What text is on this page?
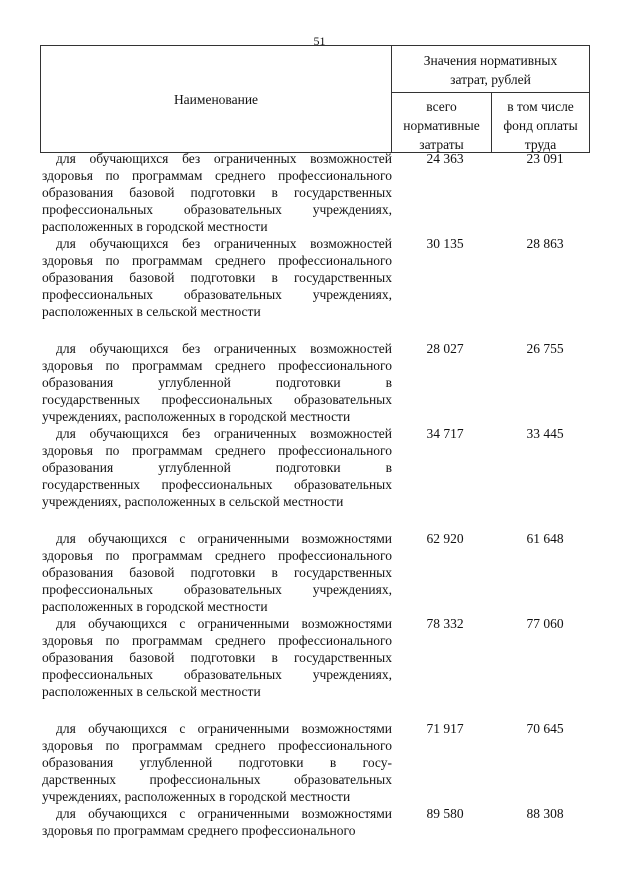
51
Наименование
Значения нормативных затрат, рублей
всего нормативные затраты
в том числе фонд оплаты труда
для обучающихся без ограниченных возможностей
здоровья по программам среднего профессионального
образования базовой подготовки в государственных
профессиональных образовательных учреждениях,
расположенных в городской местности
24 363	23 091
для обучающихся без ограниченных возможностей
здоровья по программам среднего профессионального
образования базовой подготовки в государственных
профессиональных образовательных учреждениях,
расположенных в сельской местности
30 135	28 863
для обучающихся без ограниченных возможностей
здоровья по программам среднего профессионального
образования углубленной подготовки в
государственных профессиональных образовательных
учреждениях, расположенных в городской местности
28 027	26 755
для обучающихся без ограниченных возможностей
здоровья по программам среднего профессионального
образования углубленной подготовки в
государственных профессиональных образовательных
учреждениях, расположенных в сельской местности
34 717	33 445
для обучающихся с ограниченными возможностями
здоровья по программам среднего профессионального
образования базовой подготовки в государственных
профессиональных образовательных учреждениях,
расположенных в городской местности
62 920	61 648
для обучающихся с ограниченными возможностями
здоровья по программам среднего профессионального
образования базовой подготовки в государственных
профессиональных образовательных учреждениях,
расположенных в сельской местности
78 332	77 060
для обучающихся с ограниченными возможностями
здоровья по программам среднего профессионального
образования углубленной подготовки в госу-
дарственных профессиональных образовательных
учреждениях, расположенных в городской местности
71 917	70 645
для обучающихся с ограниченными возможностями
здоровья по программам среднего профессионального
89 580	88 308
